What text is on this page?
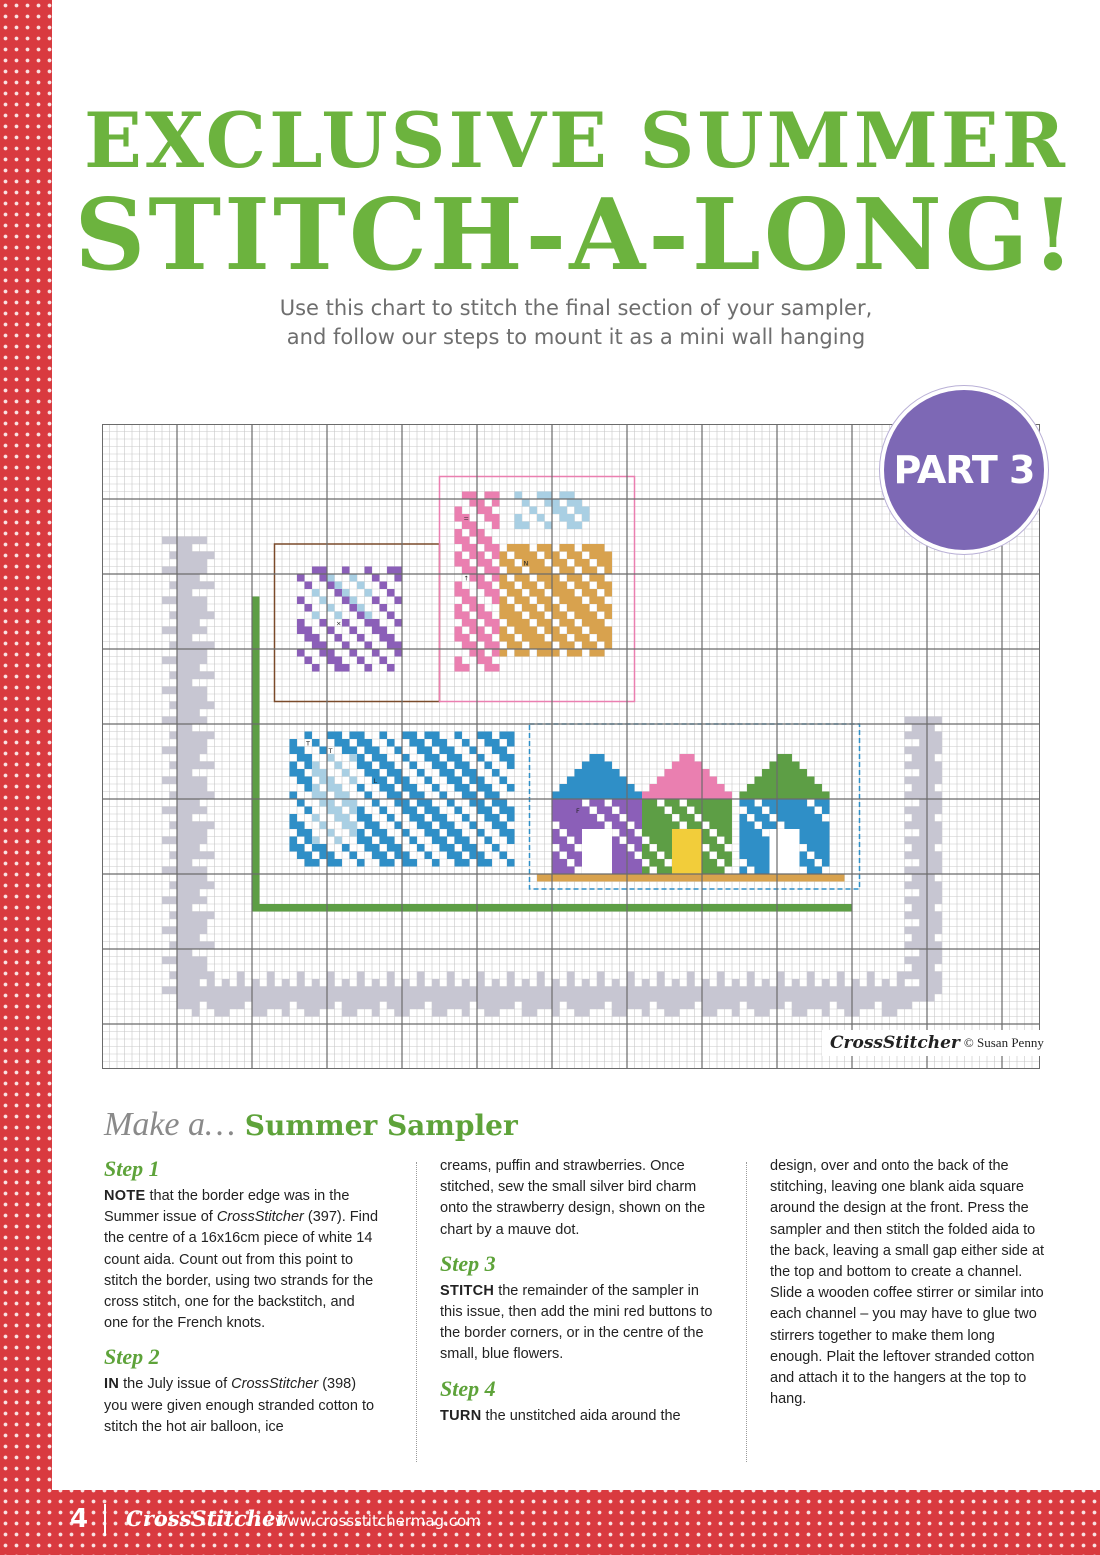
EXCLUSIVE SUMMER
STITCH-A-LONG!
Use this chart to stitch the final section of your sampler,
and follow our steps to mount it as a mini wall hanging
T
T
L
F
=
N
↑
×
PART 3
CrossStitcher © Susan Penny
Make a… Summer Sampler
Step 1

NOTE that the border edge was in the Summer issue of CrossStitcher (397). Find the centre of a 16x16cm piece of white 14 count aida. Count out from this point to stitch the border, using two strands for the cross stitch, one for the backstitch, and one for the French knots.

Step 2

IN the July issue of CrossStitcher (398) you were given enough stranded cotton to stitch the hot air balloon, ice

creams, puffin and strawberries. Once stitched, sew the small silver bird charm onto the strawberry design, shown on the chart by a mauve dot.

Step 3

STITCH the remainder of the sampler in this issue, then add the mini red buttons to the border corners, or in the centre of the small, blue flowers.

Step 4

TURN the unstitched aida around the

design, over and onto the back of the stitching, leaving one blank aida square around the design at the front. Press the sampler and then stitch the folded aida to the back, leaving a small gap either side at the top and bottom to create a channel. Slide a wooden coffee stirrer or similar into each channel – you may have to glue two stirrers together to make them long enough. Plait the leftover stranded cotton and attach it to the hangers at the top to hang.

4 CrossStitcher
www.crossstitchermag.com
